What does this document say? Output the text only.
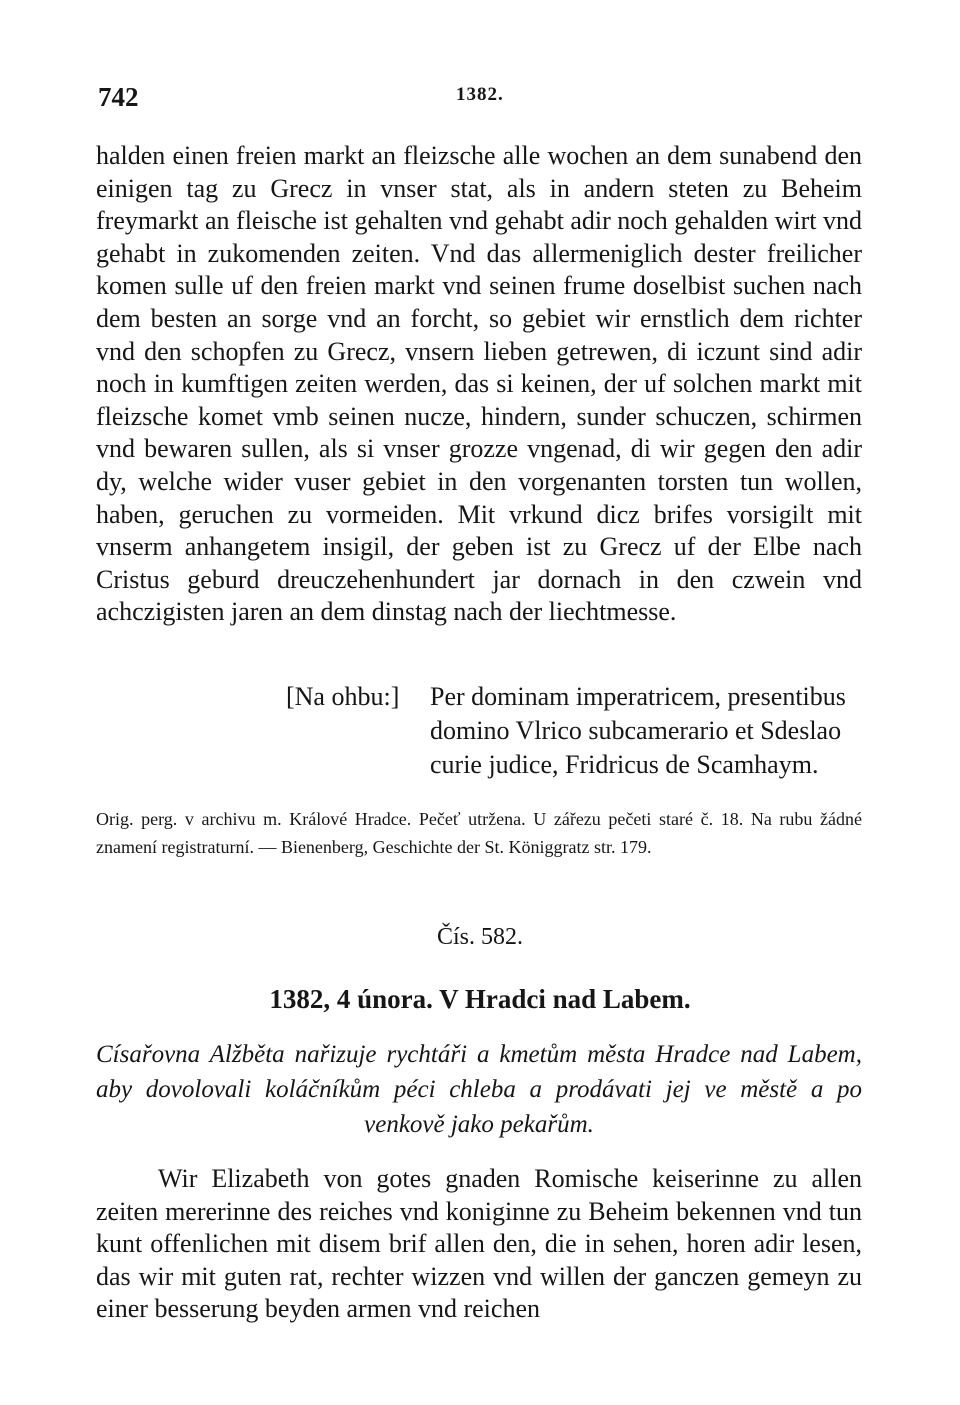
742	1382.

halden einen freien markt an fleizsche alle wochen an dem sunabend den einigen tag zu Grecz in vnser stat, als in andern steten zu Beheim freymarkt an fleische ist gehalten vnd gehabt adir noch gehalden wirt vnd gehabt in zukomenden zeiten. Vnd das allermeniglich dester freilicher komen sulle uf den freien markt vnd seinen frume doselbist suchen nach dem besten an sorge vnd an forcht, so gebiet wir ernstlich dem richter vnd den schopfen zu Grecz, vnsern lieben getrewen, di iczunt sind adir noch in kumftigen zeiten werden, das si keinen, der uf solchen markt mit fleizsche komet vmb seinen nucze, hindern, sunder schuczen, schirmen vnd bewaren sullen, als si vnser grozze vngenad, di wir gegen den adir dy, welche wider vuser gebiet in den vorgenanten torsten tun wollen, haben, geruchen zu vormeiden. Mit vrkund dicz brifes vorsigilt mit vnserm anhangetem insigil, der geben ist zu Grecz uf der Elbe nach Cristus geburd dreuczehenhundert jar dornach in den czwein vnd achczigisten jaren an dem dinstag nach der liechtmesse.

[Na ohbu:]	Per dominam imperatricem, presentibus
domino Vlrico subcamerario et Sdeslao
curie judice, Fridricus de Scamhaym.
Orig. perg. v archivu m. Králové Hradce. Pečeť utržena. U zářezu pečeti staré č. 18. Na rubu žádné znamení registraturní. — Bienenberg, Geschichte der St. Königgratz str. 179.
Čís. 582.
1382, 4 února. V Hradci nad Labem.
Císařovna Alžběta nařizuje rychtáři a kmetům města Hradce nad Labem, aby dovolovali koláčníkům péci chleba a prodávati jej ve městě a po venkově jako pekařům.

Wir Elizabeth von gotes gnaden Romische keiserinne zu allen zeiten mererinne des reiches vnd koniginne zu Beheim bekennen vnd tun kunt offenlichen mit disem brif allen den, die in sehen, horen adir lesen, das wir mit guten rat, rechter wizzen vnd willen der ganczen gemeyn zu einer besserung beyden armen vnd reichen
